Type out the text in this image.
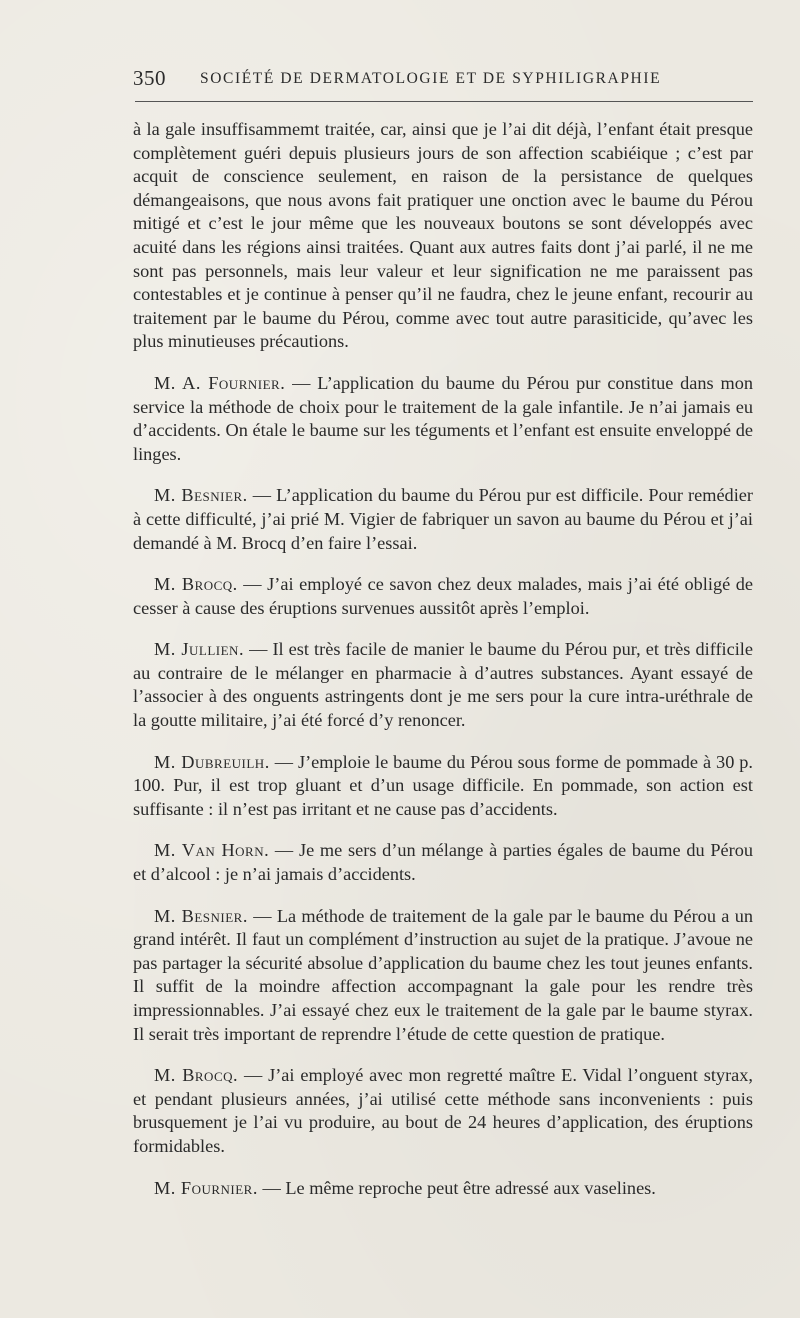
350 SOCIÉTÉ DE DERMATOLOGIE ET DE SYPHILIGRAPHIE

à la gale insuffisammemt traitée, car, ainsi que je l’ai dit déjà, l’enfant était presque complètement guéri depuis plusieurs jours de son affection scabiéique ; c’est par acquit de conscience seulement, en raison de la persistance de quelques démangeaisons, que nous avons fait pratiquer une onction avec le baume du Pérou mitigé et c’est le jour même que les nouveaux boutons se sont développés avec acuité dans les régions ainsi traitées. Quant aux autres faits dont j’ai parlé, il ne me sont pas personnels, mais leur valeur et leur signification ne me paraissent pas contestables et je continue à penser qu’il ne faudra, chez le jeune enfant, recourir au traitement par le baume du Pérou, comme avec tout autre parasiticide, qu’avec les plus minutieuses précautions.

M. A. Fournier. — L’application du baume du Pérou pur constitue dans mon service la méthode de choix pour le traitement de la gale infantile. Je n’ai jamais eu d’accidents. On étale le baume sur les téguments et l’enfant est ensuite enveloppé de linges.

M. Besnier. — L’application du baume du Pérou pur est difficile. Pour remédier à cette difficulté, j’ai prié M. Vigier de fabriquer un savon au baume du Pérou et j’ai demandé à M. Brocq d’en faire l’essai.

M. Brocq. — J’ai employé ce savon chez deux malades, mais j’ai été obligé de cesser à cause des éruptions survenues aussitôt après l’emploi.

M. Jullien. — Il est très facile de manier le baume du Pérou pur, et très difficile au contraire de le mélanger en pharmacie à d’autres substances. Ayant essayé de l’associer à des onguents astringents dont je me sers pour la cure intra-uréthrale de la goutte militaire, j’ai été forcé d’y renoncer.

M. Dubreuilh. — J’emploie le baume du Pérou sous forme de pommade à 30 p. 100. Pur, il est trop gluant et d’un usage difficile. En pommade, son action est suffisante : il n’est pas irritant et ne cause pas d’accidents.

M. Van Horn. — Je me sers d’un mélange à parties égales de baume du Pérou et d’alcool : je n’ai jamais d’accidents.

M. Besnier. — La méthode de traitement de la gale par le baume du Pérou a un grand intérêt. Il faut un complément d’instruction au sujet de la pratique. J’avoue ne pas partager la sécurité absolue d’application du baume chez les tout jeunes enfants. Il suffit de la moindre affection accompagnant la gale pour les rendre très impressionnables. J’ai essayé chez eux le traitement de la gale par le baume styrax. Il serait très important de reprendre l’étude de cette question de pratique.

M. Brocq. — J’ai employé avec mon regretté maître E. Vidal l’onguent styrax, et pendant plusieurs années, j’ai utilisé cette méthode sans inconvenients : puis brusquement je l’ai vu produire, au bout de 24 heures d’application, des éruptions formidables.

M. Fournier. — Le même reproche peut être adressé aux vaselines.
